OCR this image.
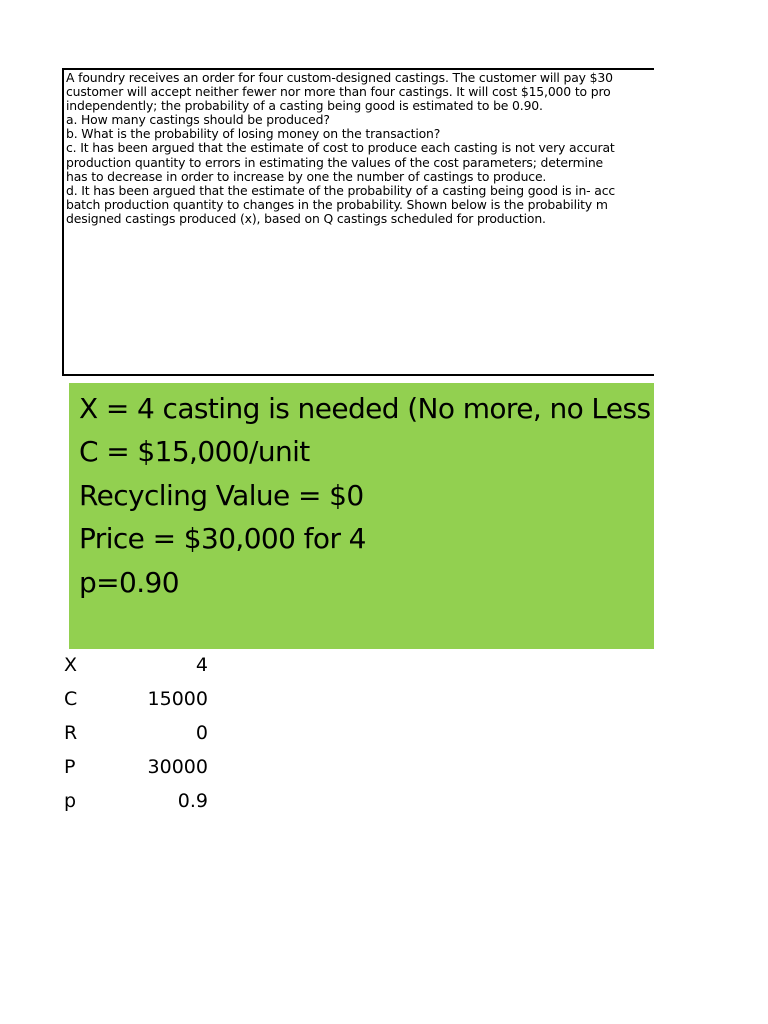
A foundry receives an order for four custom-designed castings. The customer will pay $30
customer will accept neither fewer nor more than four castings. It will cost $15,000 to pro
independently; the probability of a casting being good is estimated to be 0.90.
a. How many castings should be produced?
b. What is the probability of losing money on the transaction?
c. It has been argued that the estimate of cost to produce each casting is not very accurat
production quantity to errors in estimating the values of the cost parameters; determine
has to decrease in order to increase by one the number of castings to produce.
d. It has been argued that the estimate of the probability of a casting being good is in- acc
batch production quantity to changes in the probability. Shown below is the probability m
designed castings produced (x), based on Q castings scheduled for production.
X = 4 casting is needed (No more, no Less
C = $15,000/unit
Recycling Value = $0
Price = $30,000 for 4
p=0.90
X	4
C	15000
R	0
P	30000
p	0.9
